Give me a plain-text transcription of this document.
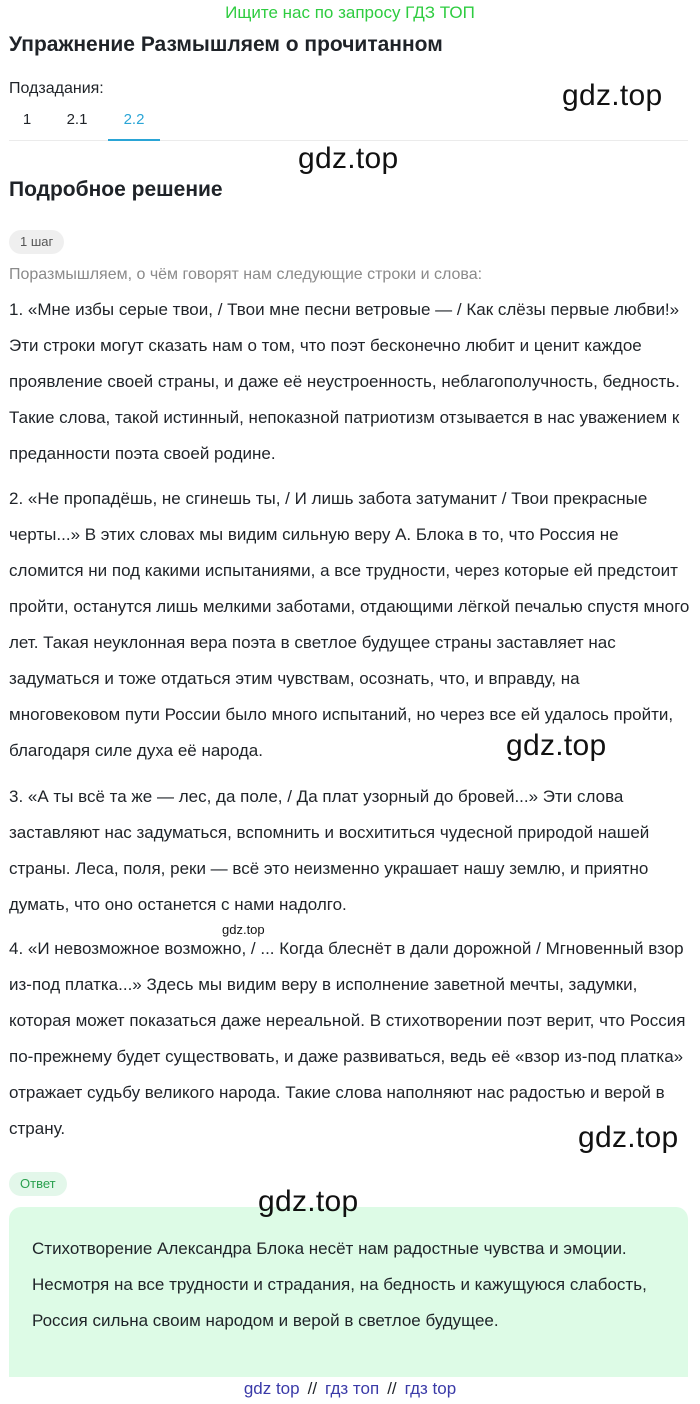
Ищите нас по запросу ГДЗ ТОП
Упражнение Размышляем о прочитанном
Подзадания:	gdz.top
1	2.1	2.2
gdz.top
Подробное решение
1 шаг
Поразмышляем, о чём говорят нам следующие строки и слова:

1. «Мне избы серые твои, / Твои мне песни ветровые — / Как слёзы первые любви!» Эти строки могут сказать нам о том, что поэт бесконечно любит и ценит каждое проявление своей страны, и даже её неустроенность, неблагополучность, бедность. Такие слова, такой истинный, непоказной патриотизм отзывается в нас уважением к преданности поэта своей родине.

2. «Не пропадёшь, не сгинешь ты, / И лишь забота затуманит / Твои прекрасные черты...» В этих словах мы видим сильную веру А. Блока в то, что Россия не сломится ни под какими испытаниями, а все трудности, через которые ей предстоит пройти, останутся лишь мелкими заботами, отдающими лёгкой печалью спустя много лет. Такая неуклонная вера поэта в светлое будущее страны заставляет нас задуматься и тоже отдаться этим чувствам, осознать, что, и вправду, на многовековом пути России было много испытаний, но через все ей удалось пройти, благодаря силе духа её народа.	gdz.top

3. «А ты всё та же — лес, да поле, / Да плат узорный до бровей...» Эти слова заставляют нас задуматься, вспомнить и восхититься чудесной природой нашей страны. Леса, поля, реки — всё это неизменно украшает нашу землю, и приятно думать, что оно останется с нами надолго.

gdz.top

4. «И невозможное возможно, / ... Когда блеснёт в дали дорожной / Мгновенный взор из-под платка...» Здесь мы видим веру в исполнение заветной мечты, задумки, которая может показаться даже нереальной. В стихотворении поэт верит, что Россия по-прежнему будет существовать, и даже развиваться, ведь её «взор из-под платка» отражает судьбу великого народа. Такие слова наполняют нас радостью и верой в страну.	gdz.top
Ответ
gdz.top

Стихотворение Александра Блока несёт нам радостные чувства и эмоции. Несмотря на все трудности и страдания, на бедность и кажущуюся слабость, Россия сильна своим народом и верой в светлое будущее.

gdz top // гдз топ // гдз top
